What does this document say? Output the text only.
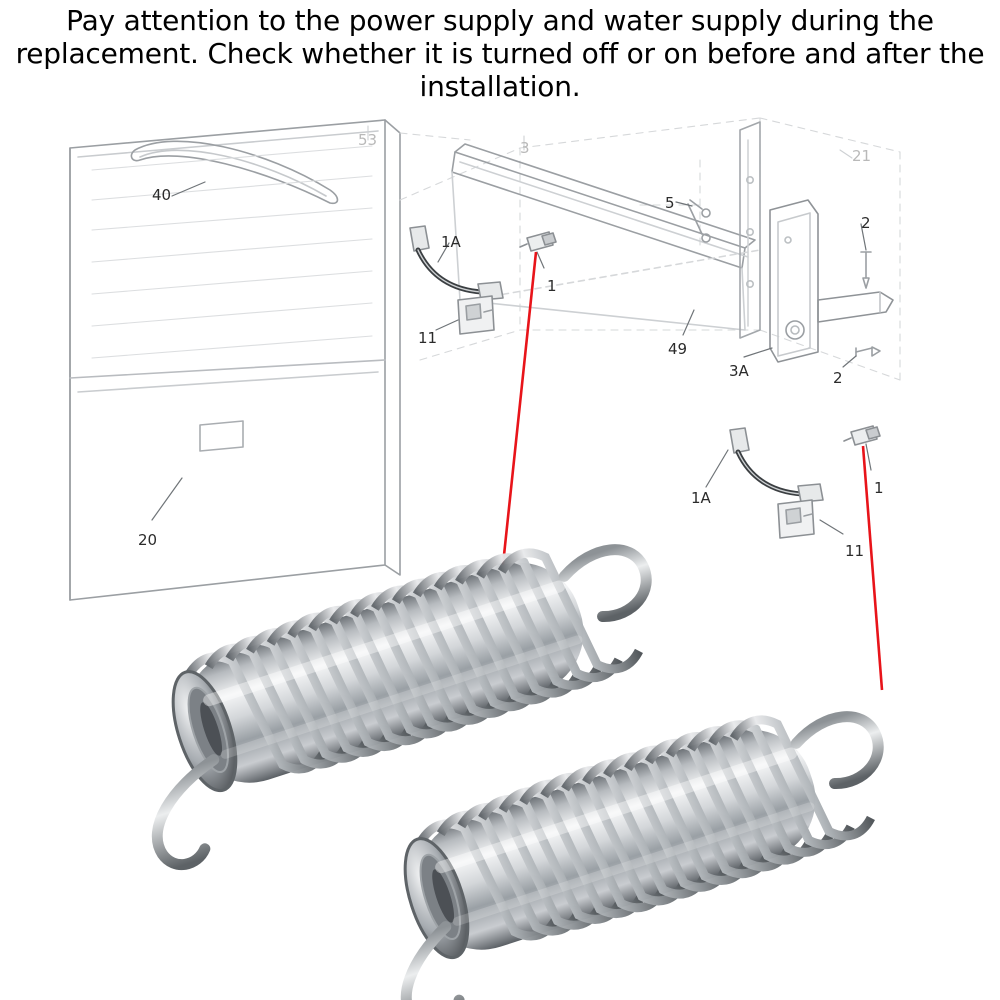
Pay attention to the power supply and water supply during the replacement. Check whether it is turned off or on before and after the installation.
53	3	21
40	5
2
1A
1
11
49
3A	2
1A
1
11
20
